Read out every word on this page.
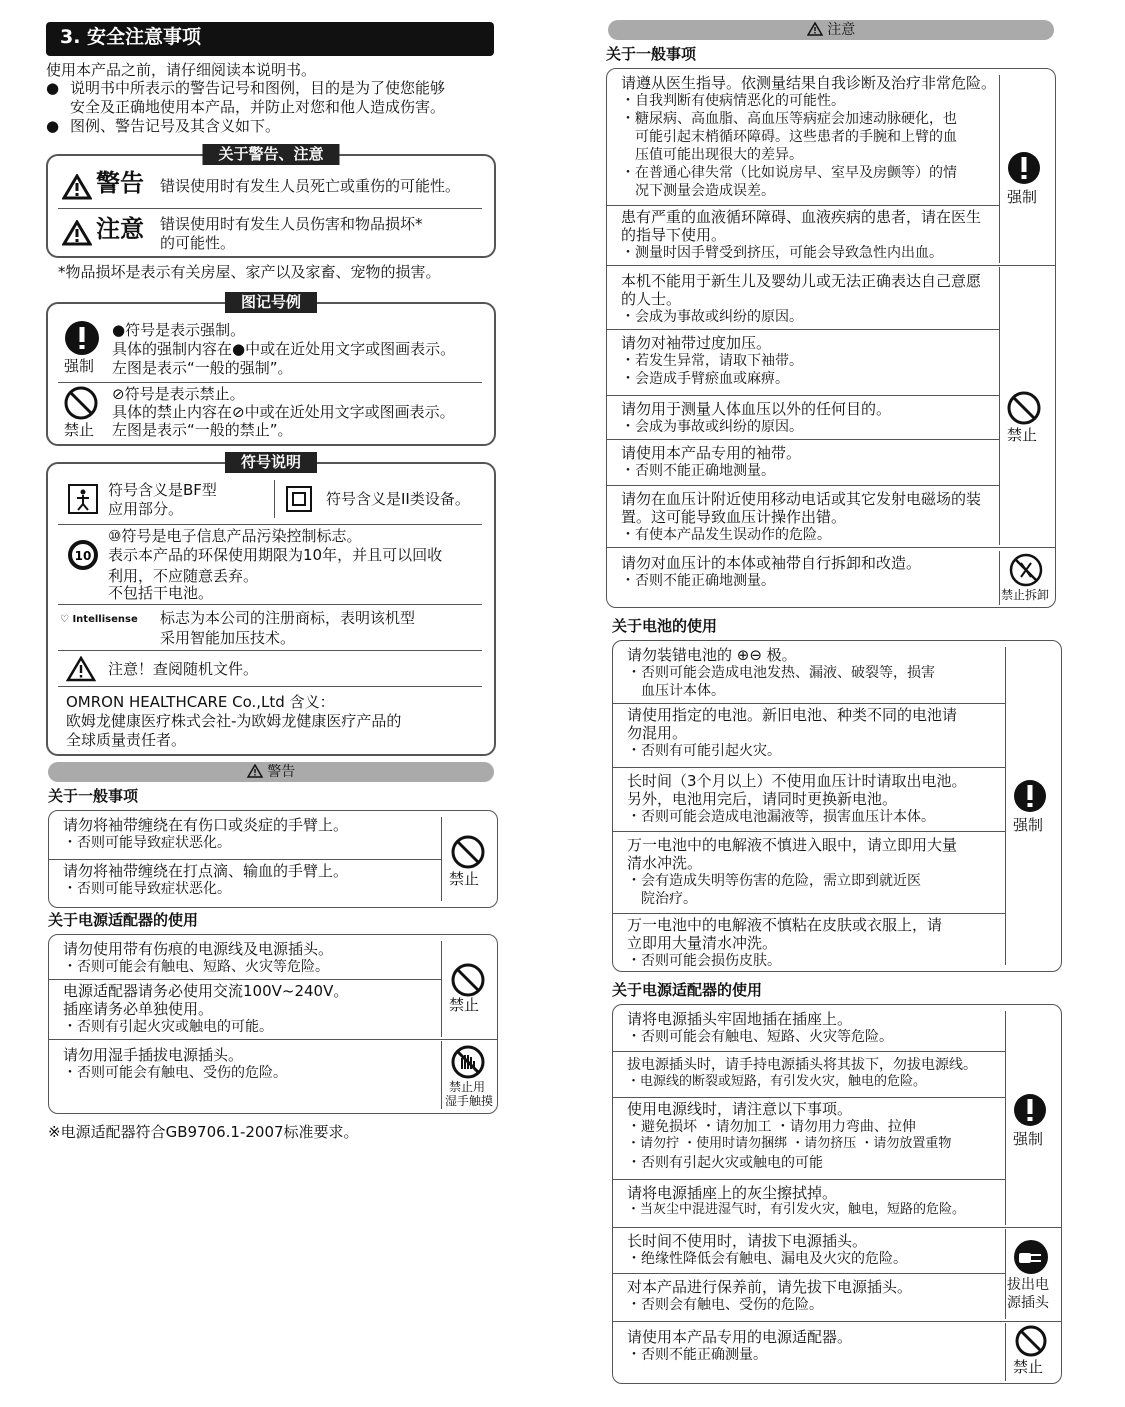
3. 安全注意事项
使用本产品之前，请仔细阅读本说明书。
● 说明书中所表示的警告记号和图例，目的是为了使您能够
安全及正确地使用本产品，并防止对您和他人造成伤害。
● 图例、警告记号及其含义如下。
关于警告、注意
警告 错误使用时有发生人员死亡或重伤的可能性。
注意 错误使用时有发生人员伤害和物品损坏*
的可能性。
*物品损坏是表示有关房屋、家产以及家畜、宠物的损害。
图记号例
强制
●符号是表示强制。
具体的强制内容在●中或在近处用文字或图画表示。
左图是表示“一般的强制”。
禁止
⊘符号是表示禁止。
具体的禁止内容在⊘中或在近处用文字或图画表示。
左图是表示“一般的禁止”。
符号说明
符号含义是BF型
应用部分。
符号含义是II类设备。
10
⑩符号是电子信息产品污染控制标志。
表示本产品的环保使用期限为10年，并且可以回收
利用，不应随意丢弃。
不包括干电池。
♡ Intellisense 标志为本公司的注册商标，表明该机型
采用智能加压技术。
注意！查阅随机文件。
OMRON HEALTHCARE Co.,Ltd 含义：
欧姆龙健康医疗株式会社-为欧姆龙健康医疗产品的
全球质量责任者。
警告
关于一般事项
请勿将袖带缠绕在有伤口或炎症的手臂上。
・否则可能导致症状恶化。
请勿将袖带缠绕在打点滴、输血的手臂上。
・否则可能导致症状恶化。
禁止
关于电源适配器的使用
请勿使用带有伤痕的电源线及电源插头。
・否则可能会有触电、短路、火灾等危险。
电源适配器请务必使用交流100V~240V。
插座请务必单独使用。
・否则有引起火灾或触电的可能。
禁止
请勿用湿手插拔电源插头。
・否则可能会有触电、受伤的危险。
禁止用
湿手触摸
※电源适配器符合GB9706.1-2007标准要求。
注意
关于一般事项
请遵从医生指导。依测量结果自我诊断及治疗非常危险。
・自我判断有使病情恶化的可能性。
・糖尿病、高血脂、高血压等病症会加速动脉硬化，也
可能引起末梢循环障碍。这些患者的手腕和上臂的血
压值可能出现很大的差异。
・在普通心律失常（比如说房早、室早及房颤等）的情
况下测量会造成误差。
患有严重的血液循环障碍、血液疾病的患者，请在医生
的指导下使用。
・测量时因手臂受到挤压，可能会导致急性内出血。
强制
本机不能用于新生儿及婴幼儿或无法正确表达自己意愿
的人士。
・会成为事故或纠纷的原因。
请勿对袖带过度加压。
・若发生异常，请取下袖带。
・会造成手臂瘀血或麻痹。
请勿用于测量人体血压以外的任何目的。
・会成为事故或纠纷的原因。
请使用本产品专用的袖带。
・否则不能正确地测量。
请勿在血压计附近使用移动电话或其它发射电磁场的装
置。这可能导致血压计操作出错。
・有使本产品发生误动作的危险。
禁止
请勿对血压计的本体或袖带自行拆卸和改造。
・否则不能正确地测量。
禁止拆卸
关于电池的使用
请勿装错电池的 ⊕⊖ 极。
・否则可能会造成电池发热、漏液、破裂等，损害
血压计本体。
请使用指定的电池。新旧电池、种类不同的电池请
勿混用。
・否则有可能引起火灾。
长时间（3个月以上）不使用血压计时请取出电池。
另外，电池用完后，请同时更换新电池。
・否则可能会造成电池漏液等，损害血压计本体。
万一电池中的电解液不慎进入眼中，请立即用大量
清水冲洗。
・会有造成失明等伤害的危险，需立即到就近医
院治疗。
万一电池中的电解液不慎粘在皮肤或衣服上，请
立即用大量清水冲洗。
・否则可能会损伤皮肤。
强制
关于电源适配器的使用
请将电源插头牢固地插在插座上。
・否则可能会有触电、短路、火灾等危险。
拔电源插头时，请手持电源插头将其拔下，勿拔电源线。
・电源线的断裂或短路，有引发火灾，触电的危险。
使用电源线时，请注意以下事项。
・避免损坏 ・请勿加工 ・请勿用力弯曲、拉伸
・请勿拧 ・使用时请勿捆绑 ・请勿挤压 ・请勿放置重物
・否则有引起火灾或触电的可能
请将电源插座上的灰尘擦拭掉。
・当灰尘中混进湿气时，有引发火灾，触电，短路的危险。
强制
长时间不使用时，请拔下电源插头。
・绝缘性降低会有触电、漏电及火灾的危险。
对本产品进行保养前，请先拔下电源插头。
・否则会有触电、受伤的危险。
拔出电
源插头
请使用本产品专用的电源适配器。
・否则不能正确测量。
禁止
